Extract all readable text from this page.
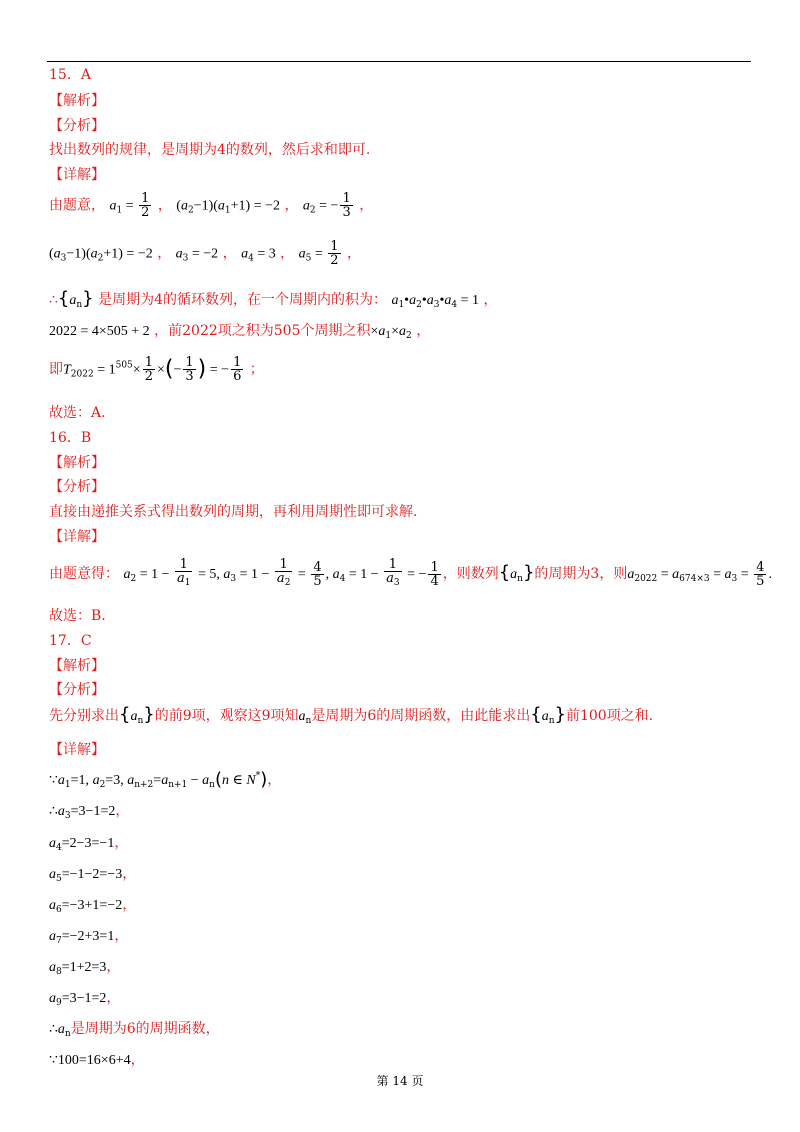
15．A
【解析】
【分析】
找出数列的规律，是周期为4的数列，然后求和即可.
【详解】
由题意， $a_1 = \frac{1}{2}$ ， $(a_2-1)(a_1+1) = -2$ ， $a_2$ = − $\frac{1}{3}$ ，
$(a_3-1)(a_2+1) = -2$ ， $a_3 = -2$ ， $a_4 = 3$ ， $a_5 = \frac{1}{2}$ ，
$\therefore\{a_n\}$ 是周期为4的循环数列，在一个周期内的积为： $a_1•a_2•a_3•a_4 = 1$ ，
2022 = 4×505 + 2 ，前2022项之积为505个周期之积$\times a_1\times a_2$ ，
即$T_{2022} = 1^{505}\times \frac{1}{2}$ ×(− $\frac{1}{3}$ ) = − $\frac{1}{6}$ ；
故选：A.
16．B
【解析】
【分析】
直接由递推关系式得出数列的周期，再利用周期性即可求解.
【详解】
由题意得： $a_2 = 1 - \frac{1}{a_1} = 5$, $a_3 = 1 - \frac{1}{a_2} = \frac{4}{5}$ , $a_4 = 1 - \frac{1}{a_3}$ = − $\frac{1}{4}$ ，则数列$\{a_n\}$的周期为3，则$a_{2022} = a_{674\times 3} = a_3 = \frac{4}{5}$ .
故选：B.
17．C
【解析】
【分析】
先分别求出$\{a_n\}$的前9项，观察这9项知$a_n$是周期为6的周期函数，由此能求出$\{a_n\}$前100项之和.
【详解】
$\because a_1=1$, $a_2=3$, $a_{n+2}=a_{n+1} - a_n(n$ ∈ N*)，
$\therefore a_3=3-1=2$，
$a_4=2-3=-1$，
$a_5=-1-2=-3$，
$a_6=-3+1=-2$，
$a_7=-2+3=1$，
$a_8=1+2=3$，
$a_9=3-1=2$，
$\therefore a_n$是周期为6的周期函数，
∵100=16×6+4，
第 14 页
